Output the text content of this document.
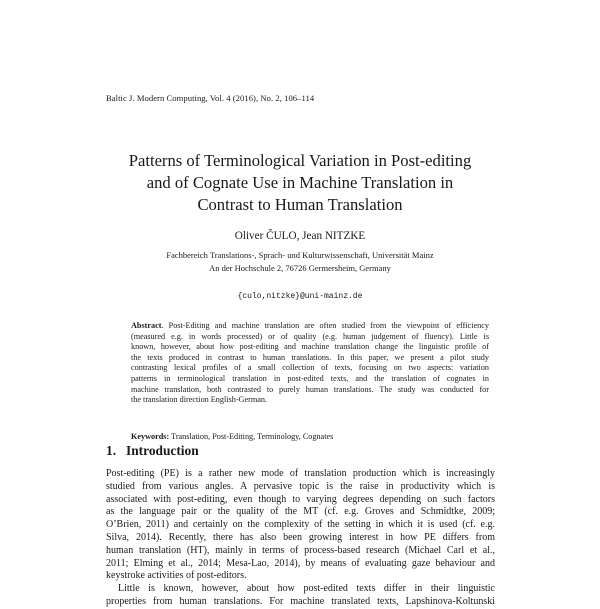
Baltic J. Modern Computing, Vol. 4 (2016), No. 2, 106–114
Patterns of Terminological Variation in Post-editing
and of Cognate Use in Machine Translation in
Contrast to Human Translation
Oliver ČULO, Jean NITZKE
Fachbereich Translations-, Sprach- und Kulturwissenschaft, Universität Mainz
An der Hochschule 2, 76726 Germersheim, Germany
{culo,nitzke}@uni-mainz.de
Abstract. Post-Editing and machine translation are often studied from the viewpoint of efficiency
(measured e.g. in words processed) or of quality (e.g. human judgement of fluency). Little is
known, however, about how post-editing and machine translation change the linguistic profile of
the texts produced in contrast to human translations. In this paper, we present a pilot study
contrasting lexical profiles of a small collection of texts, focusing on two aspects: variation
patterns in terminological translation in post-edited texts, and the translation of cognates in
machine translation, both contrasted to purely human translations. The study was conducted for
the translation direction English-German.
Keywords: Translation, Post-Editing, Terminology, Cognates
1. Introduction
Post-editing (PE) is a rather new mode of translation production which is increasingly
studied from various angles. A pervasive topic is the raise in productivity which is
associated with post-editing, even though to varying degrees depending on such factors
as the language pair or the quality of the MT (cf. e.g. Groves and Schmidtke, 2009;
O’Brien, 2011) and certainly on the complexity of the setting in which it is used (cf. e.g.
Silva, 2014). Recently, there has also been growing interest in how PE differs from
human translation (HT), mainly in terms of process-based research (Michael Carl et al.,
2011; Elming et al., 2014; Mesa-Lao, 2014), by means of evaluating gaze behaviour and
keystroke activities of post-editors.
Little is known, however, about how post-edited texts differ in their linguistic
properties from human translations. For machine translated texts, Lapshinova-Koltunski
